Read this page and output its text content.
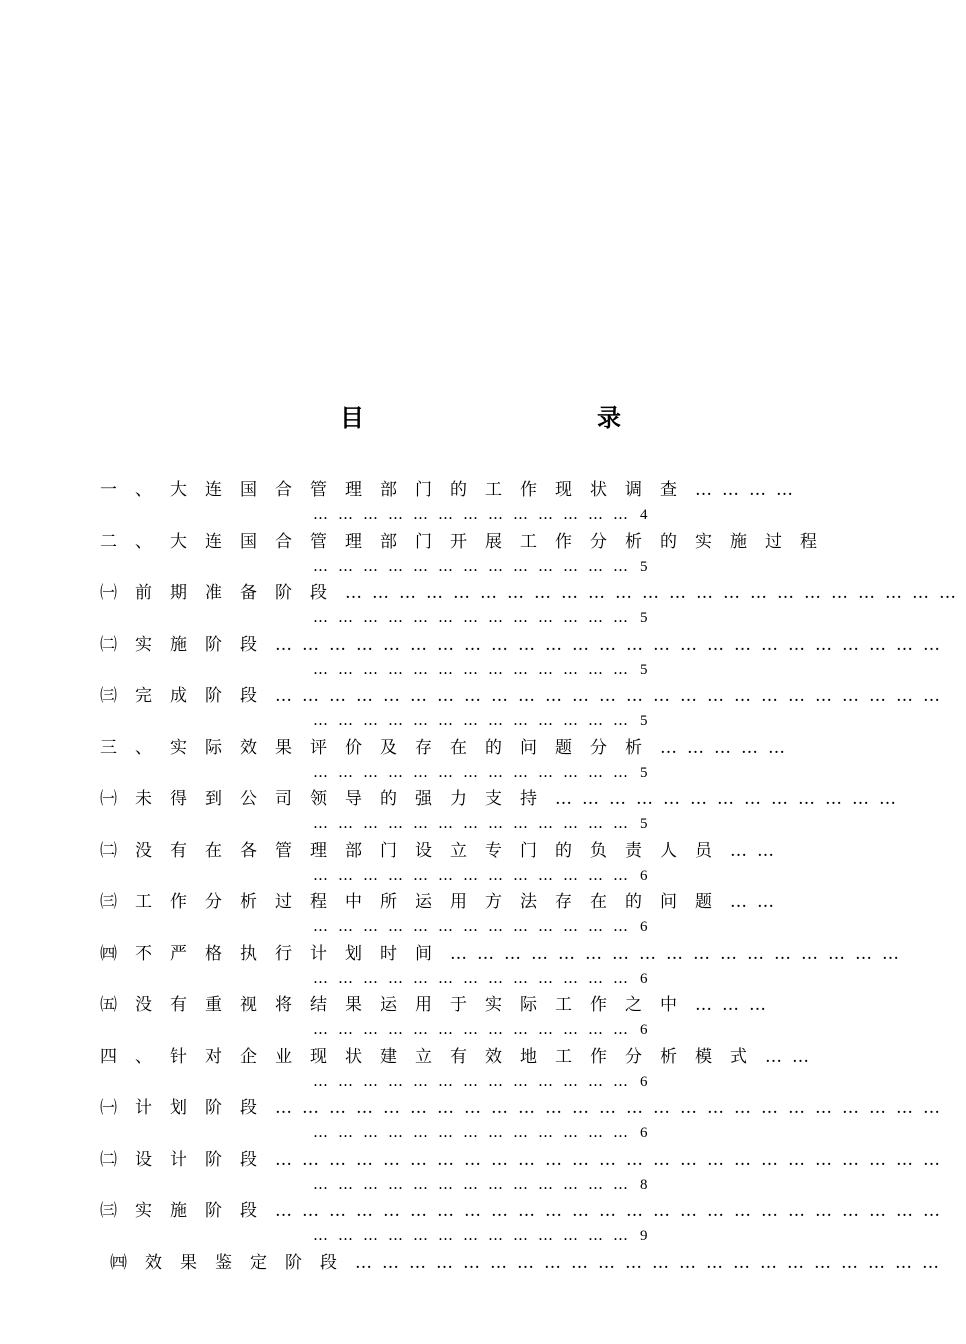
目	录
一、大连国合管理部门的工作现状调查…………
………………………………… 4
二、大连国合管理部门开展工作分析的实施过程
………………………………… 5
㈠前期准备阶段……………………………………………………………
………………………………… 5
㈡实施阶段…………………………………………………………………
………………………………… 5
㈢完成阶段…………………………………………………………………
………………………………… 5
三、实际效果评价及存在的问题分析……………
………………………………… 5
㈠未得到公司领导的强力支持…………………………………
………………………………… 5
㈡没有在各管理部门设立专门的负责人员……
………………………………… 6
㈢工作分析过程中所运用方法存在的问题……
………………………………… 6
㈣不严格执行计划时间……………………………………………
………………………………… 6
㈤没有重视将结果运用于实际工作之中………
………………………………… 6
四、针对企业现状建立有效地工作分析模式……
………………………………… 6
㈠计划阶段…………………………………………………………………
………………………………… 6
㈡设计阶段…………………………………………………………………
………………………………… 8
㈢实施阶段…………………………………………………………………
………………………………… 9
㈣效果鉴定阶段…………………………………………………………
